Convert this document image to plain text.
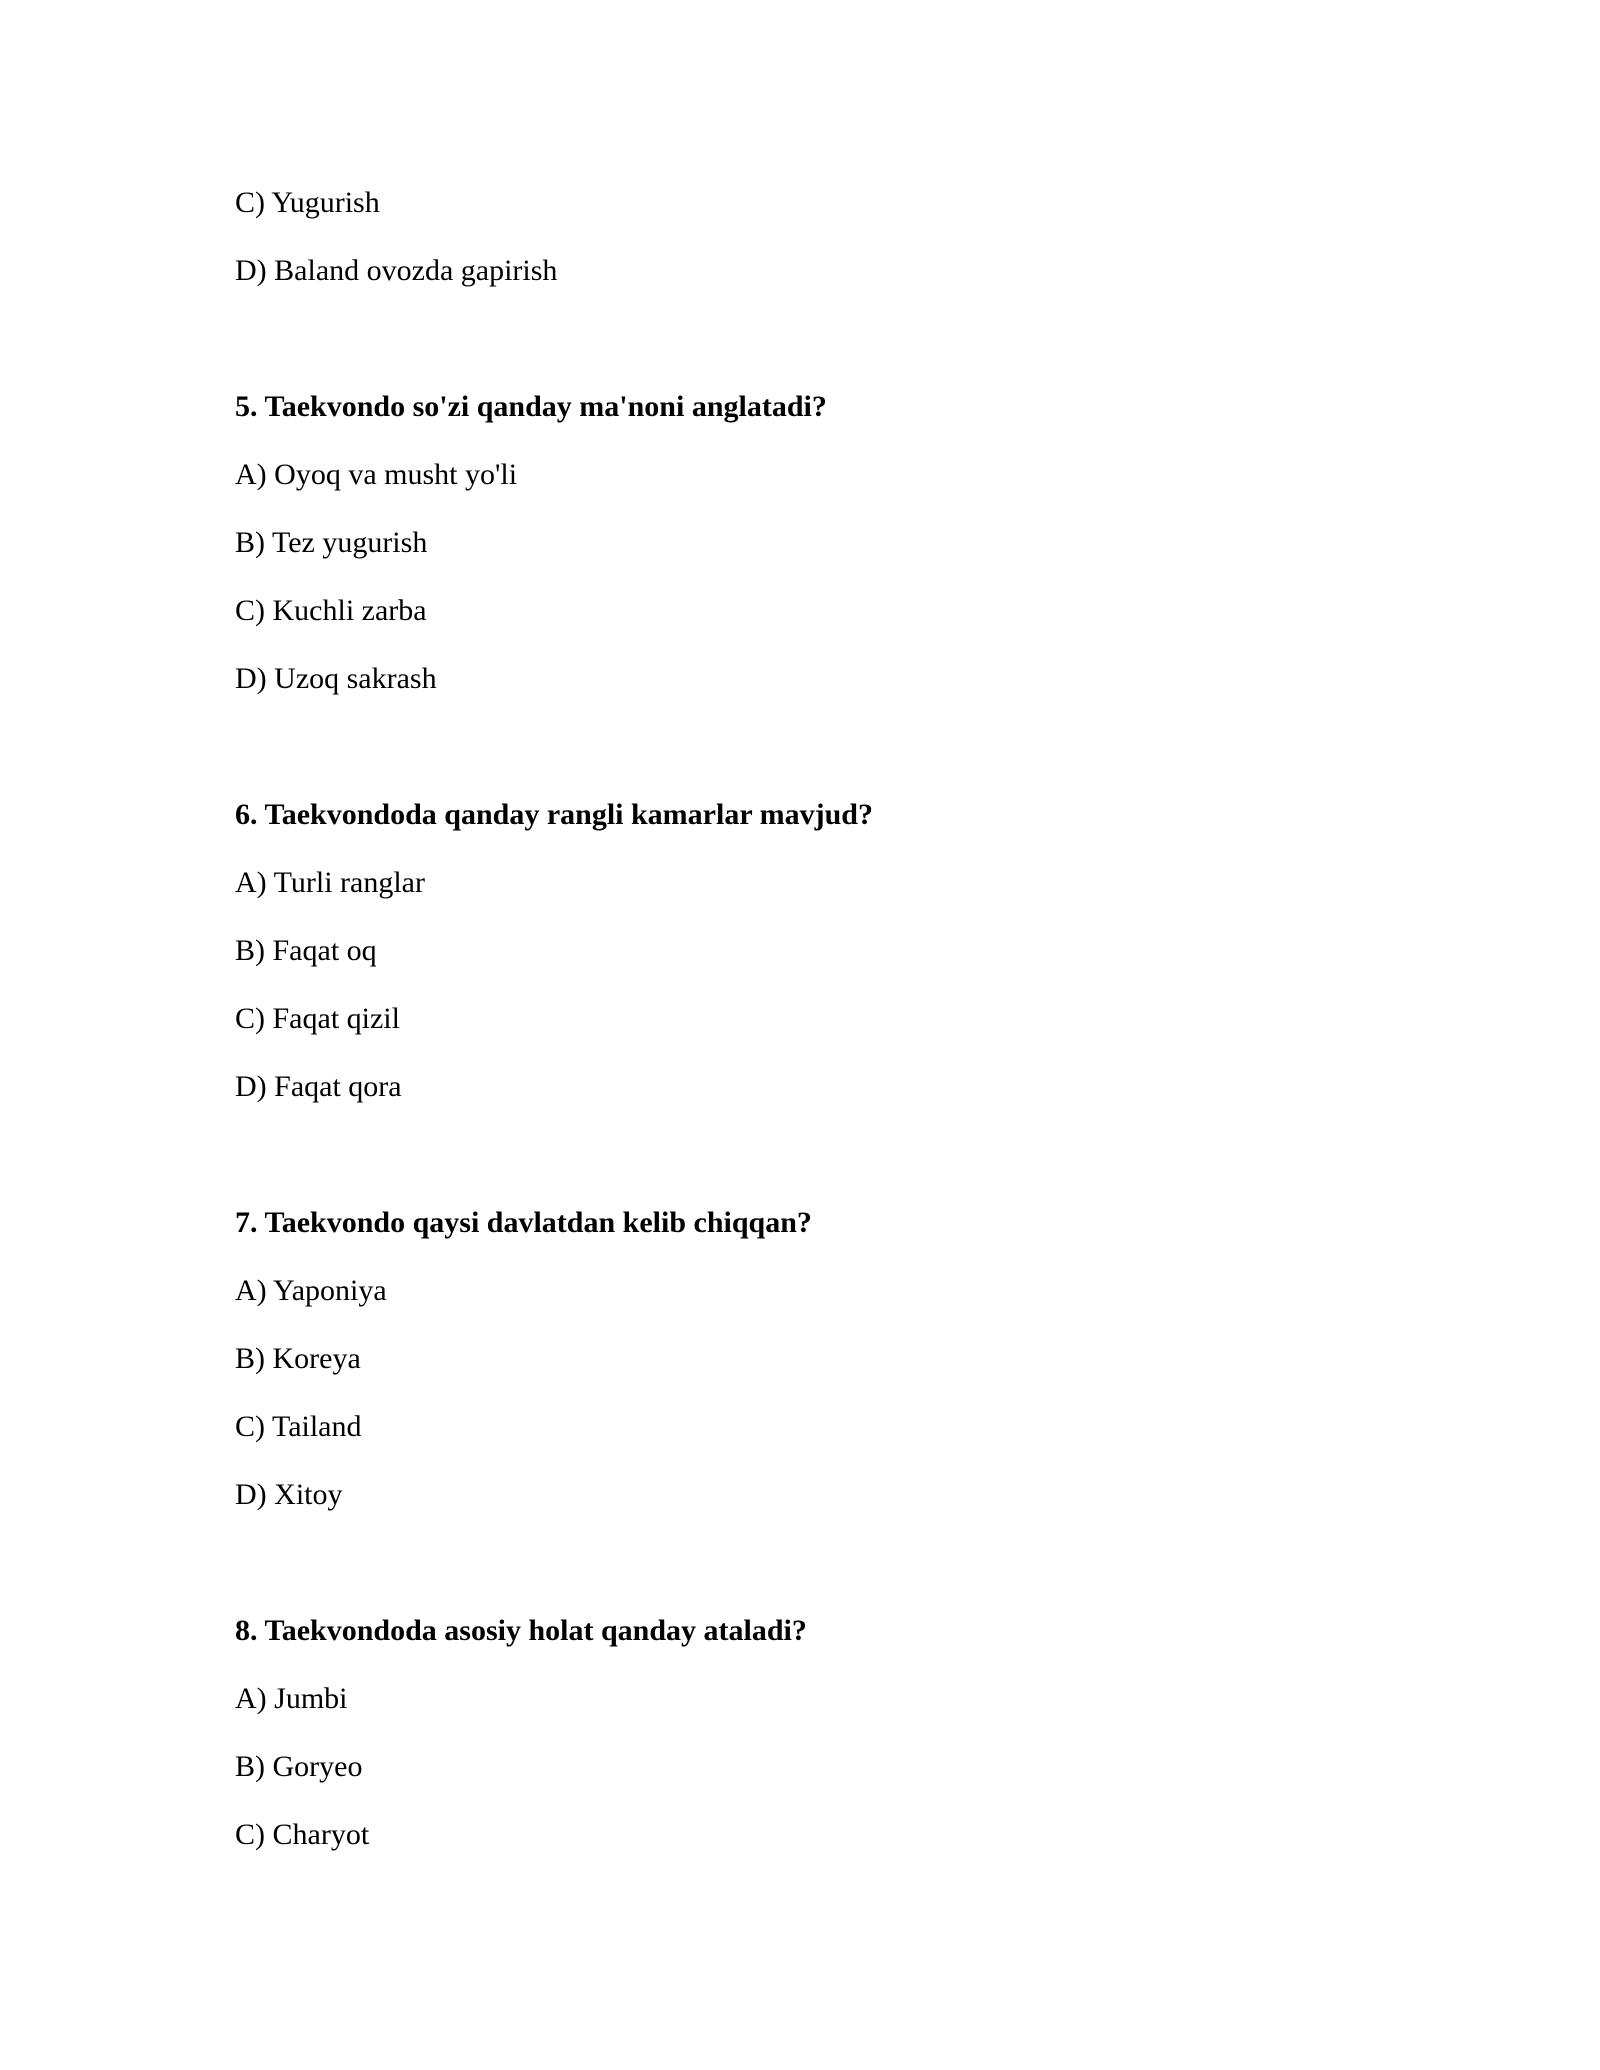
C) Yugurish
D) Baland ovozda gapirish
5. Taekvondo so'zi qanday ma'noni anglatadi?
A) Oyoq va musht yo'li
B) Tez yugurish
C) Kuchli zarba
D) Uzoq sakrash
6. Taekvondoda qanday rangli kamarlar mavjud?
A) Turli ranglar
B) Faqat oq
C) Faqat qizil
D) Faqat qora
7. Taekvondo qaysi davlatdan kelib chiqqan?
A) Yaponiya
B) Koreya
C) Tailand
D) Xitoy
8. Taekvondoda asosiy holat qanday ataladi?
A) Jumbi
B) Goryeo
C) Charyot
